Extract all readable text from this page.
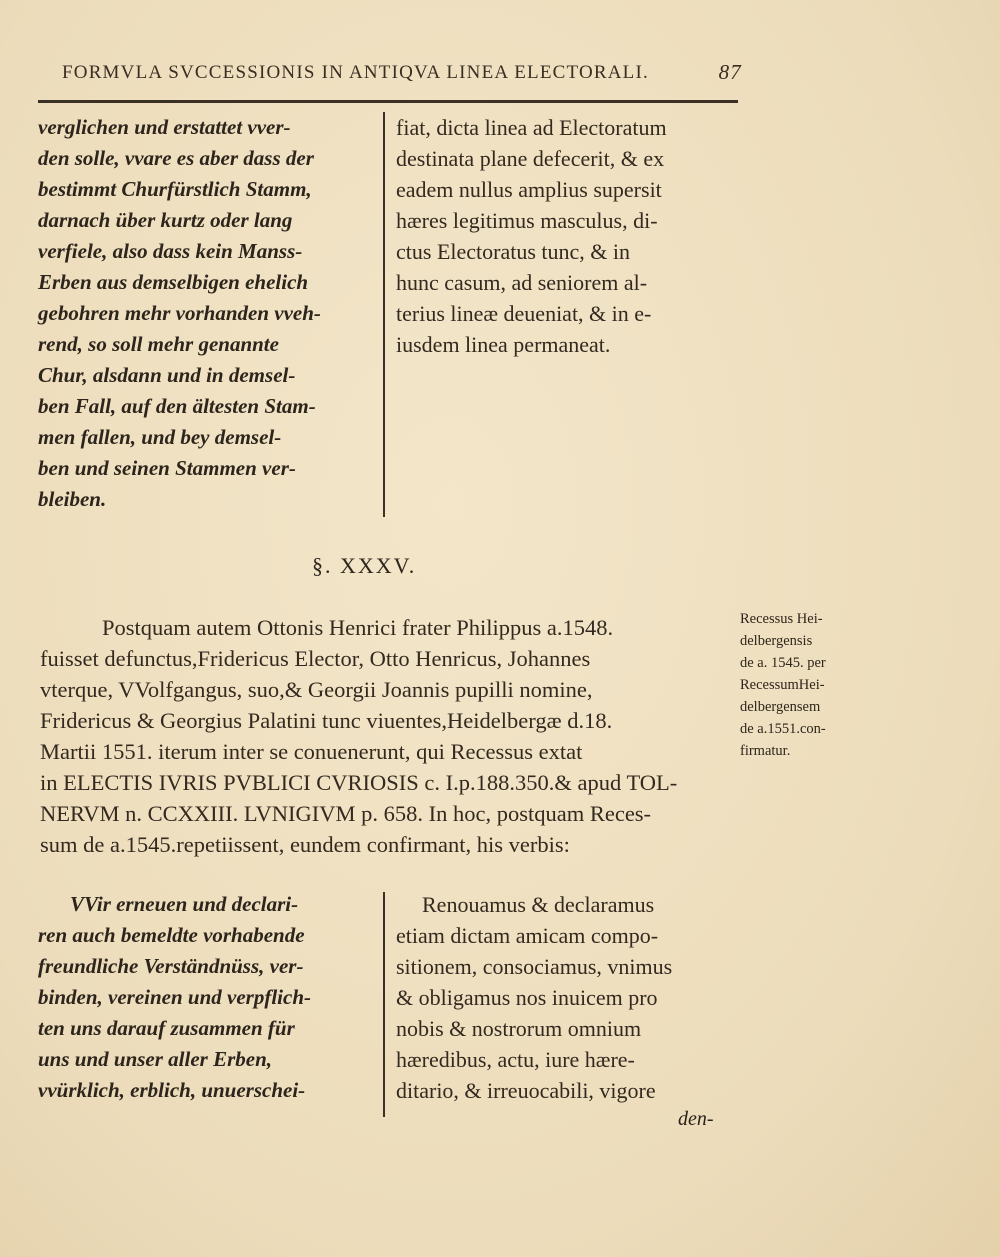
FORMVLA SVCCESSIONIS IN ANTIQVA LINEA ELECTORALI.	87
verglichen und erstattet vver-
den solle, vvare es aber dass der
bestimmt Churfürstlich Stamm,
darnach über kurtz oder lang
verfiele, also dass kein Manss-
Erben aus demselbigen ehelich
gebohren mehr vorhanden vveh-
rend, so soll mehr genannte
Chur, alsdann und in demsel-
ben Fall, auf den ältesten Stam-
men fallen, und bey demsel-
ben und seinen Stammen ver-
bleiben.
fiat, dicta linea ad Electoratum
destinata plane defecerit, & ex
eadem nullus amplius supersit
hæres legitimus masculus, di-
ctus Electoratus tunc, & in
hunc casum, ad seniorem al-
terius lineæ deueniat, & in e-
iusdem linea permaneat.
§. XXXV.
Postquam autem Ottonis Henrici frater Philippus a.1548.
fuisset defunctus,Fridericus Elector, Otto Henricus, Johannes
vterque, VVolfgangus, suo,& Georgii Joannis pupilli nomine,
Fridericus & Georgius Palatini tunc viuentes,Heidelbergæ d.18.
Martii 1551. iterum inter se conuenerunt, qui Recessus extat
in ELECTIS IVRIS PVBLICI CVRIOSIS c. I.p.188.350.& apud TOL-
NERVM n. CCXXIII. LVNIGIVM p. 658. In hoc, postquam Reces-
sum de a.1545.repetiissent, eundem confirmant, his verbis:
Recessus Hei-
delbergensis
de a. 1545. per
RecessumHei-
delbergensem
de a.1551.con-
firmatur.
VVir erneuen und declari-
ren auch bemeldte vorhabende
freundliche Verständnüss, ver-
binden, vereinen und verpflich-
ten uns darauf zusammen für
uns und unser aller Erben,
vvürklich, erblich, unuerschei-
Renouamus & declaramus
etiam dictam amicam compo-
sitionem, consociamus, vnimus
& obligamus nos inuicem pro
nobis & nostrorum omnium
hæredibus, actu, iure hære-
ditario, & irreuocabili, vigore
den-
